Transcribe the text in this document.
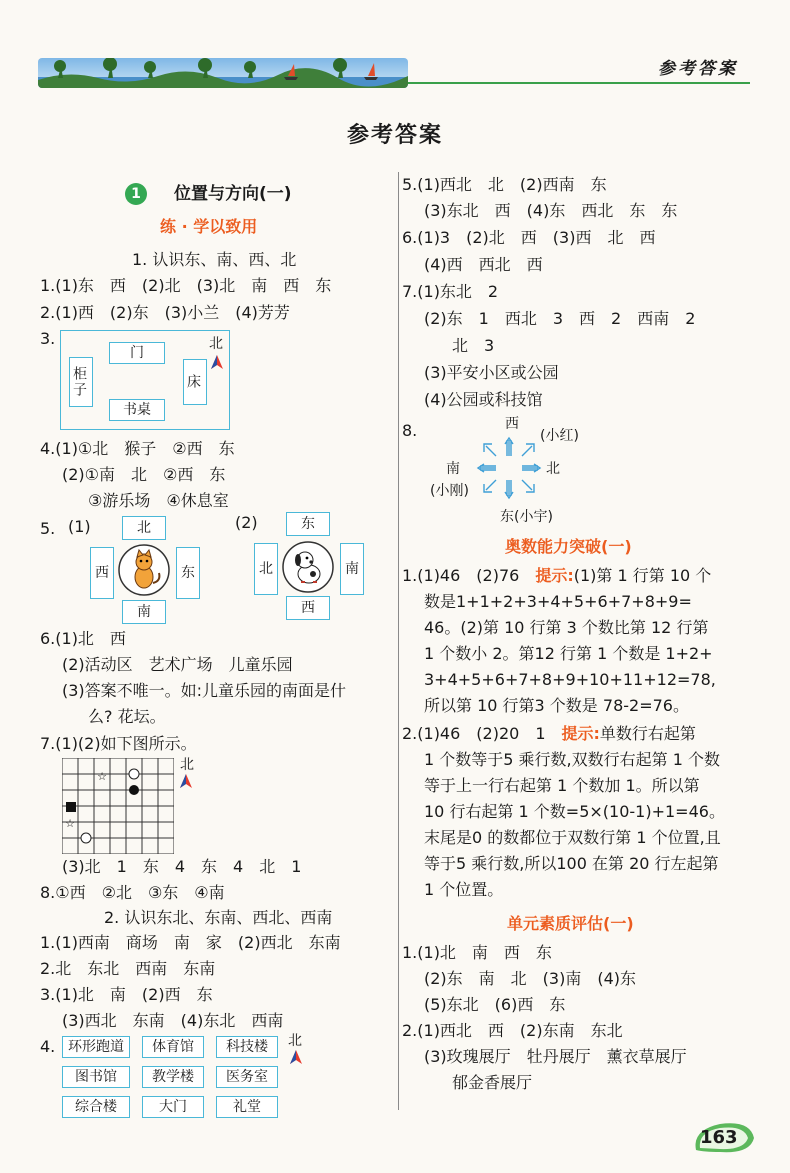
参考答案
参考答案
1	位置与方向(一)
练 · 学以致用
1. 认识东、南、西、北
1.(1)东　西　(2)北　(3)北　南　西　东
2.(1)西　(2)东　(3)小兰　(4)芳芳
3.	北
门
柜子	床
书桌
4.(1)①北　猴子　②西　东
(2)①南　北　②西　东
③游乐场　④休息室
5. (1)	(2)
北
西	东
南
东
北	南
西
6.(1)北　西
(2)活动区　艺术广场　儿童乐园
(3)答案不唯一。如:儿童乐园的南面是什
么? 花坛。
7.(1)(2)如下图所示。
☆
☆
北
(3)北　1　东　4　东　4　北　1
8.①西　②北　③东　④南
2. 认识东北、东南、西北、西南
1.(1)西南　商场　南　家　(2)西北　东南
2.北　东北　西南　东南
3.(1)北　南　(2)西　东
(3)西北　东南　(4)东北　西南
4. 环形跑道	体育馆	科技楼
图书馆	教学楼	医务室
综合楼	大门	礼堂
北
5.(1)西北　北　(2)西南　东
(3)东北　西　(4)东　西北　东　东
6.(1)3　(2)北　西　(3)西　北　西
(4)西　西北　西
7.(1)东北　2
(2)东　1　西北　3　西　2　西南　2
北　3
(3)平安小区或公园
(4)公园或科技馆
8.	西
(小红)
南	北
(小刚)
东(小宇)
奥数能力突破(一)
1.(1)46　(2)76　提示:(1)第 1 行第 10 个
数是1+1+2+3+4+5+6+7+8+9=
46。(2)第 10 行第 3 个数比第 12 行第
1 个数小 2。第12 行第 1 个数是 1+2+
3+4+5+6+7+8+9+10+11+12=78,
所以第 10 行第3 个数是 78-2=76。
2.(1)46　(2)20　1　提示:单数行右起第
1 个数等于5 乘行数,双数行右起第 1 个数
等于上一行右起第 1 个数加 1。所以第
10 行右起第 1 个数=5×(10-1)+1=46。
末尾是0 的数都位于双数行第 1 个位置,且
等于5 乘行数,所以100 在第 20 行左起第
1 个位置。
单元素质评估(一)
1.(1)北　南　西　东
(2)东　南　北　(3)南　(4)东
(5)东北　(6)西　东
2.(1)西北　西　(2)东南　东北
(3)玫瑰展厅　牡丹展厅　薰衣草展厅
郁金香展厅
163
